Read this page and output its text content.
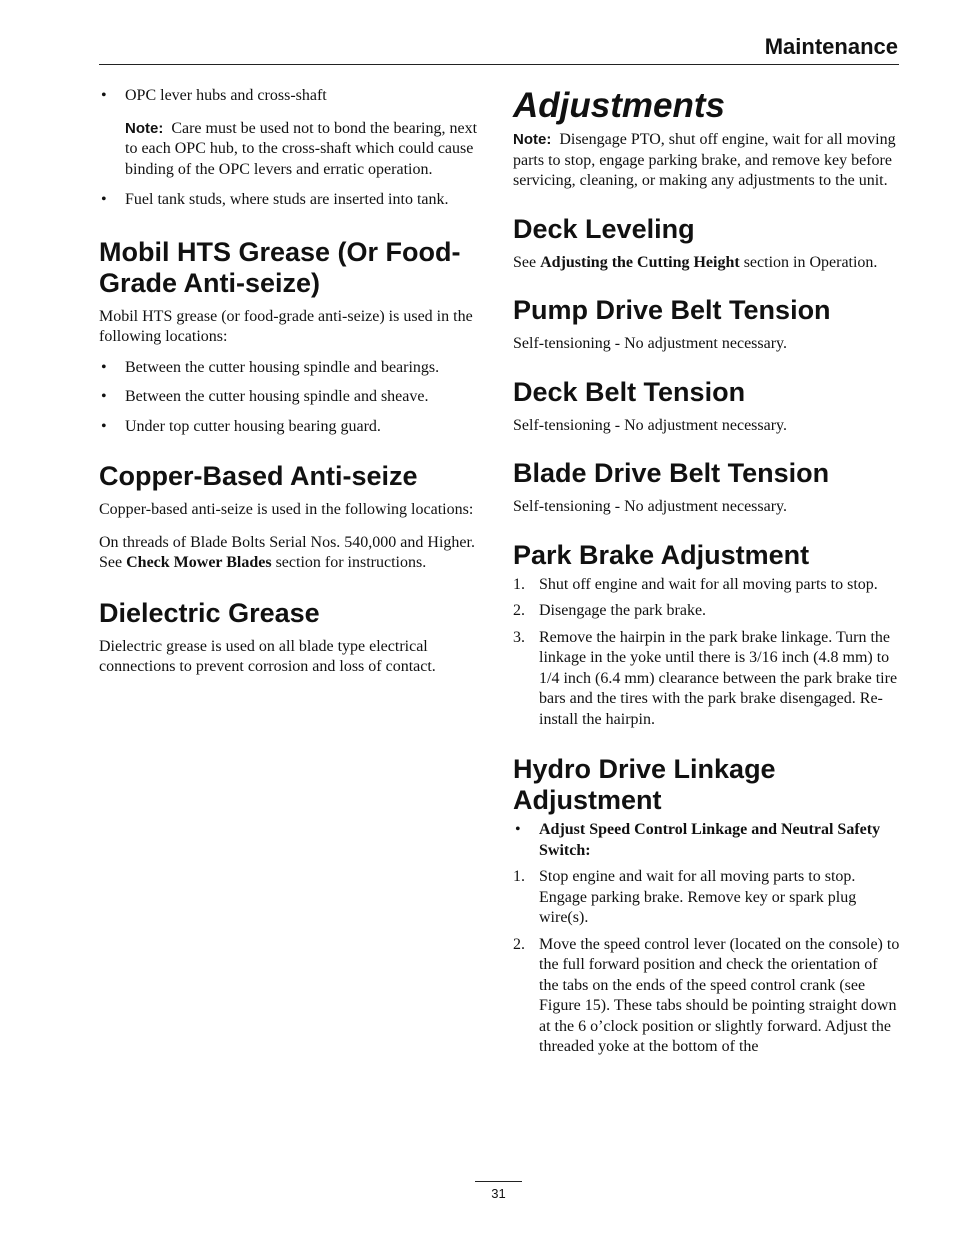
Maintenance
• OPC lever hubs and cross-shaft

Note: Care must be used not to bond the bearing, next to each OPC hub, to the cross-shaft which could cause binding of the OPC levers and erratic operation.

• Fuel tank studs, where studs are inserted into tank.
Mobil HTS Grease (Or Food-Grade Anti-seize)

Mobil HTS grease (or food-grade anti-seize) is used in the following locations:

• Between the cutter housing spindle and bearings.
• Between the cutter housing spindle and sheave.
• Under top cutter housing bearing guard.
Copper-Based Anti-seize

Copper-based anti-seize is used in the following locations:

On threads of Blade Bolts Serial Nos. 540,000 and Higher. See Check Mower Blades section for instructions.

Dielectric Grease

Dielectric grease is used on all blade type electrical connections to prevent corrosion and loss of contact.

Adjustments

Note: Disengage PTO, shut off engine, wait for all moving parts to stop, engage parking brake, and remove key before servicing, cleaning, or making any adjustments to the unit.

Deck Leveling

See Adjusting the Cutting Height section in Operation.

Pump Drive Belt Tension

Self-tensioning - No adjustment necessary.

Deck Belt Tension

Self-tensioning - No adjustment necessary.

Blade Drive Belt Tension

Self-tensioning - No adjustment necessary.

Park Brake Adjustment
1. Shut off engine and wait for all moving parts to stop.
2. Disengage the park brake.
3. Remove the hairpin in the park brake linkage. Turn the linkage in the yoke until there is 3/16 inch (4.8 mm) to 1/4 inch (6.4 mm) clearance between the park brake tire bars and the tires with the park brake disengaged. Re-install the hairpin.
Hydro Drive Linkage Adjustment
• Adjust Speed Control Linkage and Neutral Safety Switch:
1. Stop engine and wait for all moving parts to stop. Engage parking brake. Remove key or spark plug wire(s).
2. Move the speed control lever (located on the console) to the full forward position and check the orientation of the tabs on the ends of the speed control crank (see Figure 15). These tabs should be pointing straight down at the 6 o’clock position or slightly forward. Adjust the threaded yoke at the bottom of the
31
